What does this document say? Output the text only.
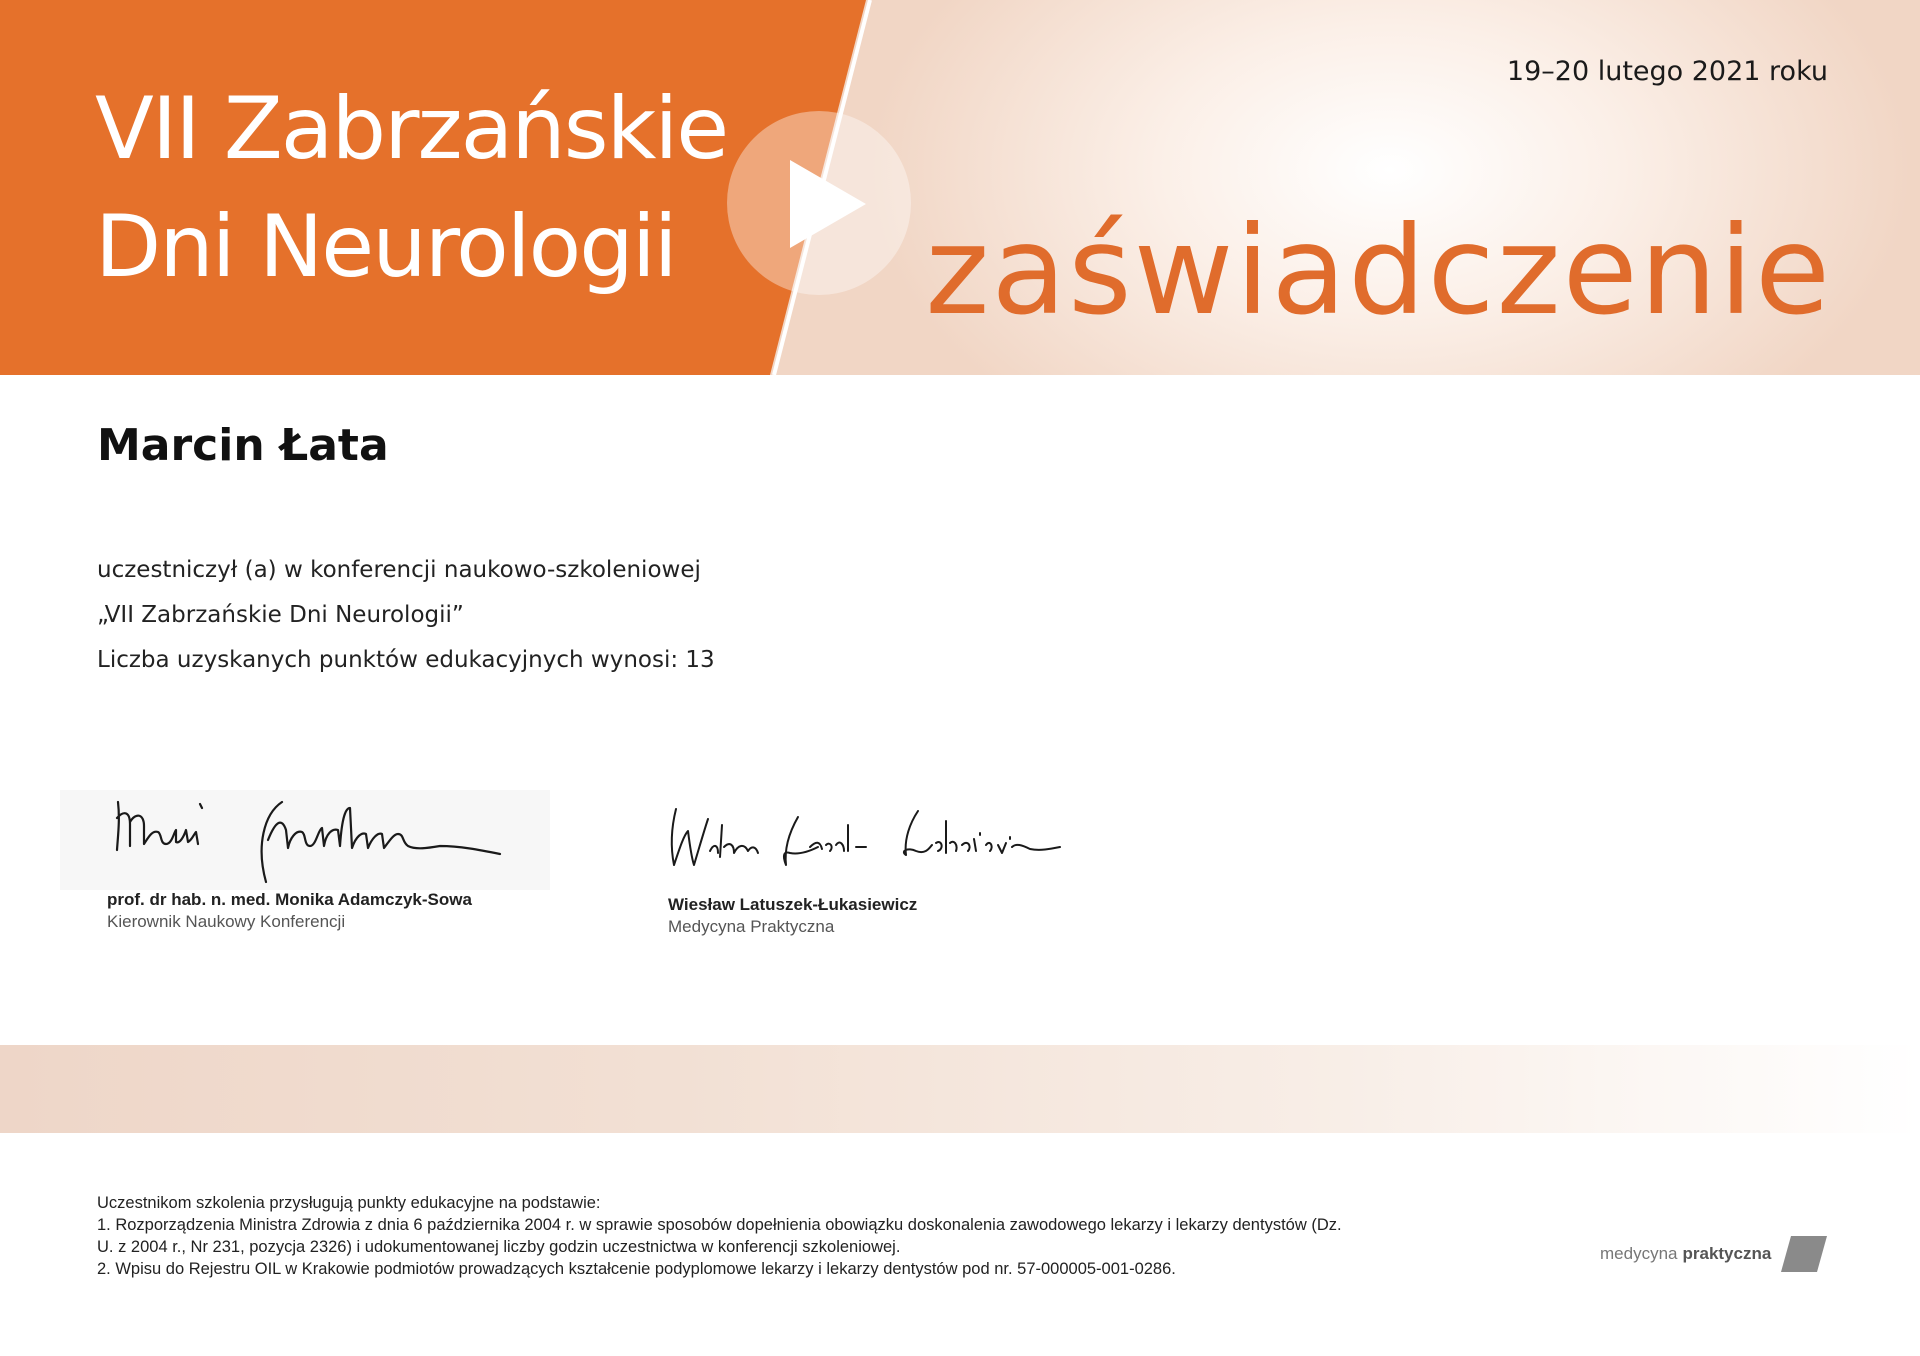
VII Zabrzańskie
Dni Neurologii
19–20 lutego 2021 roku
zaświadczenie
Marcin Łata
uczestniczył (a) w konferencji naukowo-szkoleniowej
„VII Zabrzańskie Dni Neurologii”
Liczba uzyskanych punktów edukacyjnych wynosi: 13
prof. dr hab. n. med. Monika Adamczyk-Sowa
Kierownik Naukowy Konferencji
Wiesław Latuszek-Łukasiewicz
Medycyna Praktyczna
Uczestnikom szkolenia przysługują punkty edukacyjne na podstawie:
1. Rozporządzenia Ministra Zdrowia z dnia 6 października 2004 r. w sprawie sposobów dopełnienia obowiązku doskonalenia zawodowego lekarzy i lekarzy dentystów (Dz. U. z 2004 r., Nr 231, pozycja 2326) i udokumentowanej liczby godzin uczestnictwa w konferencji szkoleniowej.
2. Wpisu do Rejestru OIL w Krakowie podmiotów prowadzących kształcenie podyplomowe lekarzy i lekarzy dentystów pod nr. 57-000005-001-0286.
medycyna praktyczna
